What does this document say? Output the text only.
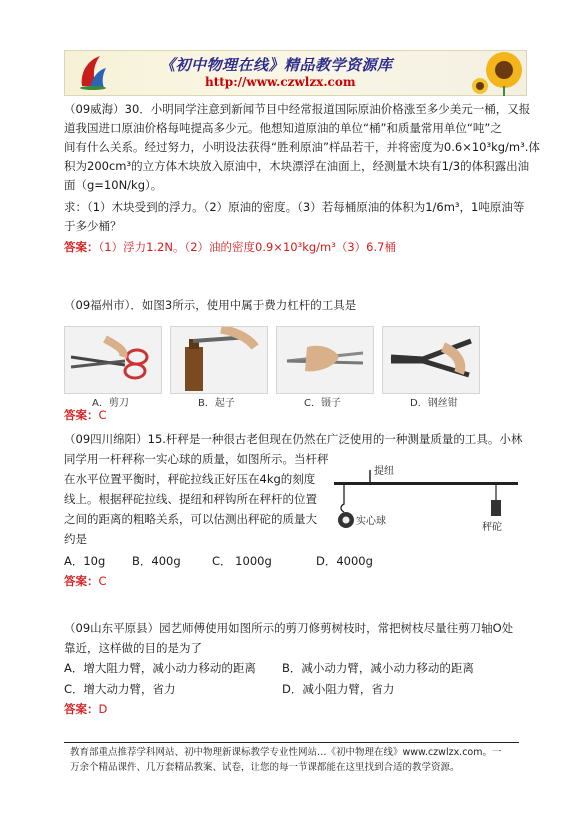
《初中物理在线》精品教学资源库
http://www.czwlzx.com
（09威海）30．小明同学注意到新闻节目中经常报道国际原油价格涨至多少美元一桶，又报
道我国进口原油价格每吨提高多少元。他想知道原油的单位“桶”和质量常用单位“吨”之
间有什么关系。经过努力，小明设法获得“胜利原油”样品若干，并将密度为0.6×10³kg/m³.体
积为200cm³的立方体木块放入原油中，木块漂浮在油面上，经测量木块有1/3的体积露出油
面（g=10N/kg）。
求：（1）木块受到的浮力。（2）原油的密度。（3）若每桶原油的体积为1/6m³，1吨原油等
于多少桶？
答案：（1）浮力1.2N。（2）油的密度0.9×10³kg/m³（3）6.7桶
（09福州市）．如图3所示，使用中属于费力杠杆的工具是
A．剪刀	B．起子	C．镊子	D．钢丝钳
答案：C
（09四川绵阳）15.杆秤是一种很古老但现在仍然在广泛使用的一种测量质量的工具。小林
同学用一杆秤称一实心球的质量，如图所示。当杆秤
在水平位置平衡时，秤砣拉线正好压在4kg的刻度
线上。根据秤砣拉线、提纽和秤钩所在秤杆的位置
之间的距离的粗略关系，可以估测出秤砣的质量大
约是
提纽
实心球
秤砣
A．10g B．400g	C． 1000g	D．4000g
答案：C
（09山东平原县）园艺师傅使用如图所示的剪刀修剪树枝时，常把树枝尽量往剪刀轴O处
靠近，这样做的目的是为了
A．增大阻力臂，减小动力移动的距离 B．减小动力臂，减小动力移动的距离
C．增大动力臂，省力	D．减小阻力臂，省力
答案：D
教育部重点推荐学科网站、初中物理新课标教学专业性网站…《初中物理在线》www.czwlzx.com。一
万余个精品课件、几万套精品教案、试卷，让您的每一节课都能在这里找到合适的教学资源。
